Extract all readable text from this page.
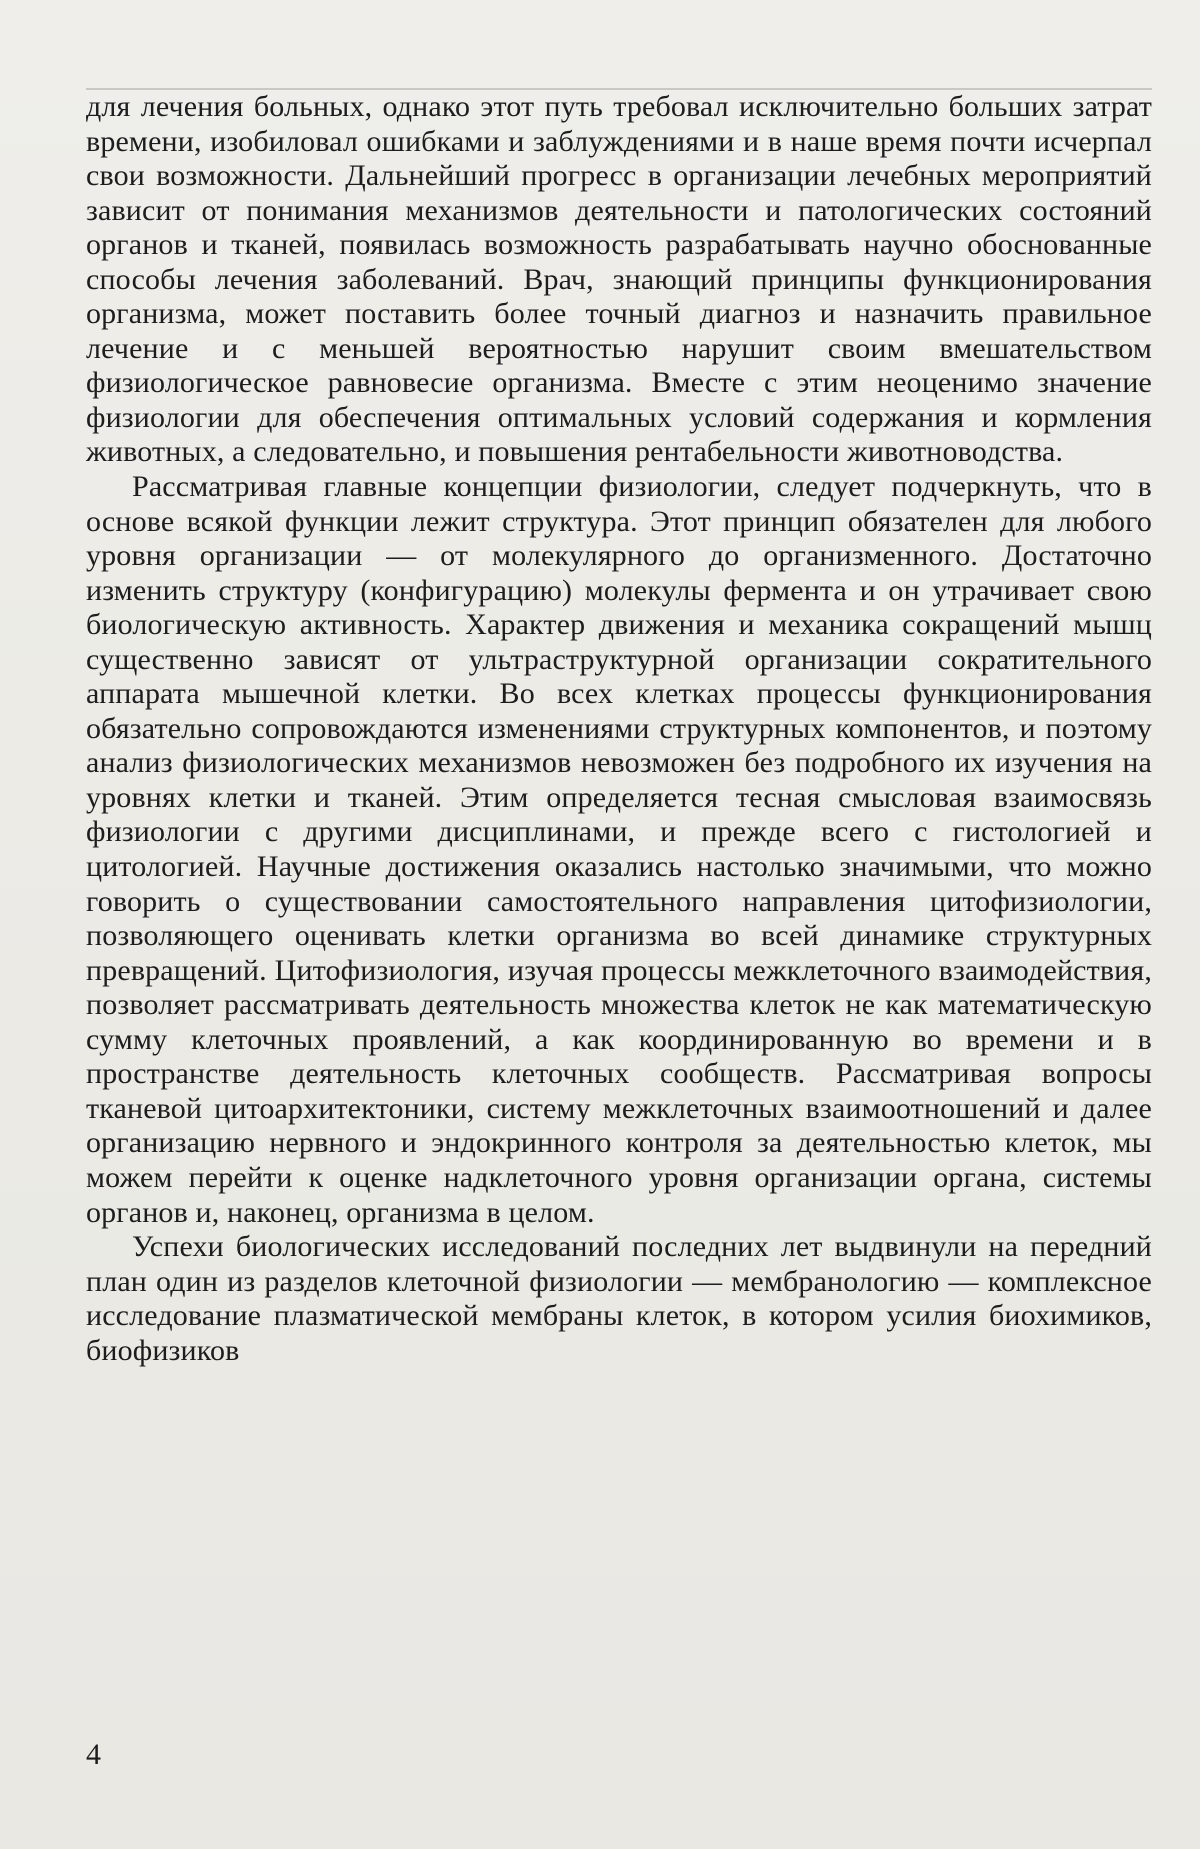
для лечения больных, однако этот путь требовал исключительно больших затрат времени, изобиловал ошибками и заблуждениями и в наше время почти исчерпал свои возможности. Дальнейший прогресс в организации лечебных мероприятий зависит от понимания механизмов деятельности и патологических состояний органов и тканей, появилась возможность разрабатывать научно обоснованные способы лечения заболеваний. Врач, знающий принципы функционирования организма, может поставить более точный диагноз и назначить правильное лечение и с меньшей вероятностью нарушит своим вмешательством физиологическое равновесие организма. Вместе с этим неоценимо значение физиологии для обеспечения оптимальных условий содержания и кормления животных, а следовательно, и повышения рентабельности животноводства.

Рассматривая главные концепции физиологии, следует подчеркнуть, что в основе всякой функции лежит структура. Этот принцип обязателен для любого уровня организации — от молекулярного до организменного. Достаточно изменить структуру (конфигурацию) молекулы фермента и он утрачивает свою биологическую активность. Характер движения и механика сокращений мышц существенно зависят от ультраструктурной организации сократительного аппарата мышечной клетки. Во всех клетках процессы функционирования обязательно сопровождаются изменениями структурных компонентов, и поэтому анализ физиологических механизмов невозможен без подробного их изучения на уровнях клетки и тканей. Этим определяется тесная смысловая взаимосвязь физиологии с другими дисциплинами, и прежде всего с гистологией и цитологией. Научные достижения оказались настолько значимыми, что можно говорить о существовании самостоятельного направления цитофизиологии, позволяющего оценивать клетки организма во всей динамике структурных превращений. Цитофизиология, изучая процессы межклеточного взаимодействия, позволяет рассматривать деятельность множества клеток не как математическую сумму клеточных проявлений, а как координированную во времени и в пространстве деятельность клеточных сообществ. Рассматривая вопросы тканевой цитоархитектоники, систему межклеточных взаимоотношений и далее организацию нервного и эндокринного контроля за деятельностью клеток, мы можем перейти к оценке надклеточного уровня организации органа, системы органов и, наконец, организма в целом.

Успехи биологических исследований последних лет выдвинули на передний план один из разделов клеточной физиологии — мембранологию — комплексное исследование плазматической мембраны клеток, в котором усилия биохимиков, биофизиков

4
